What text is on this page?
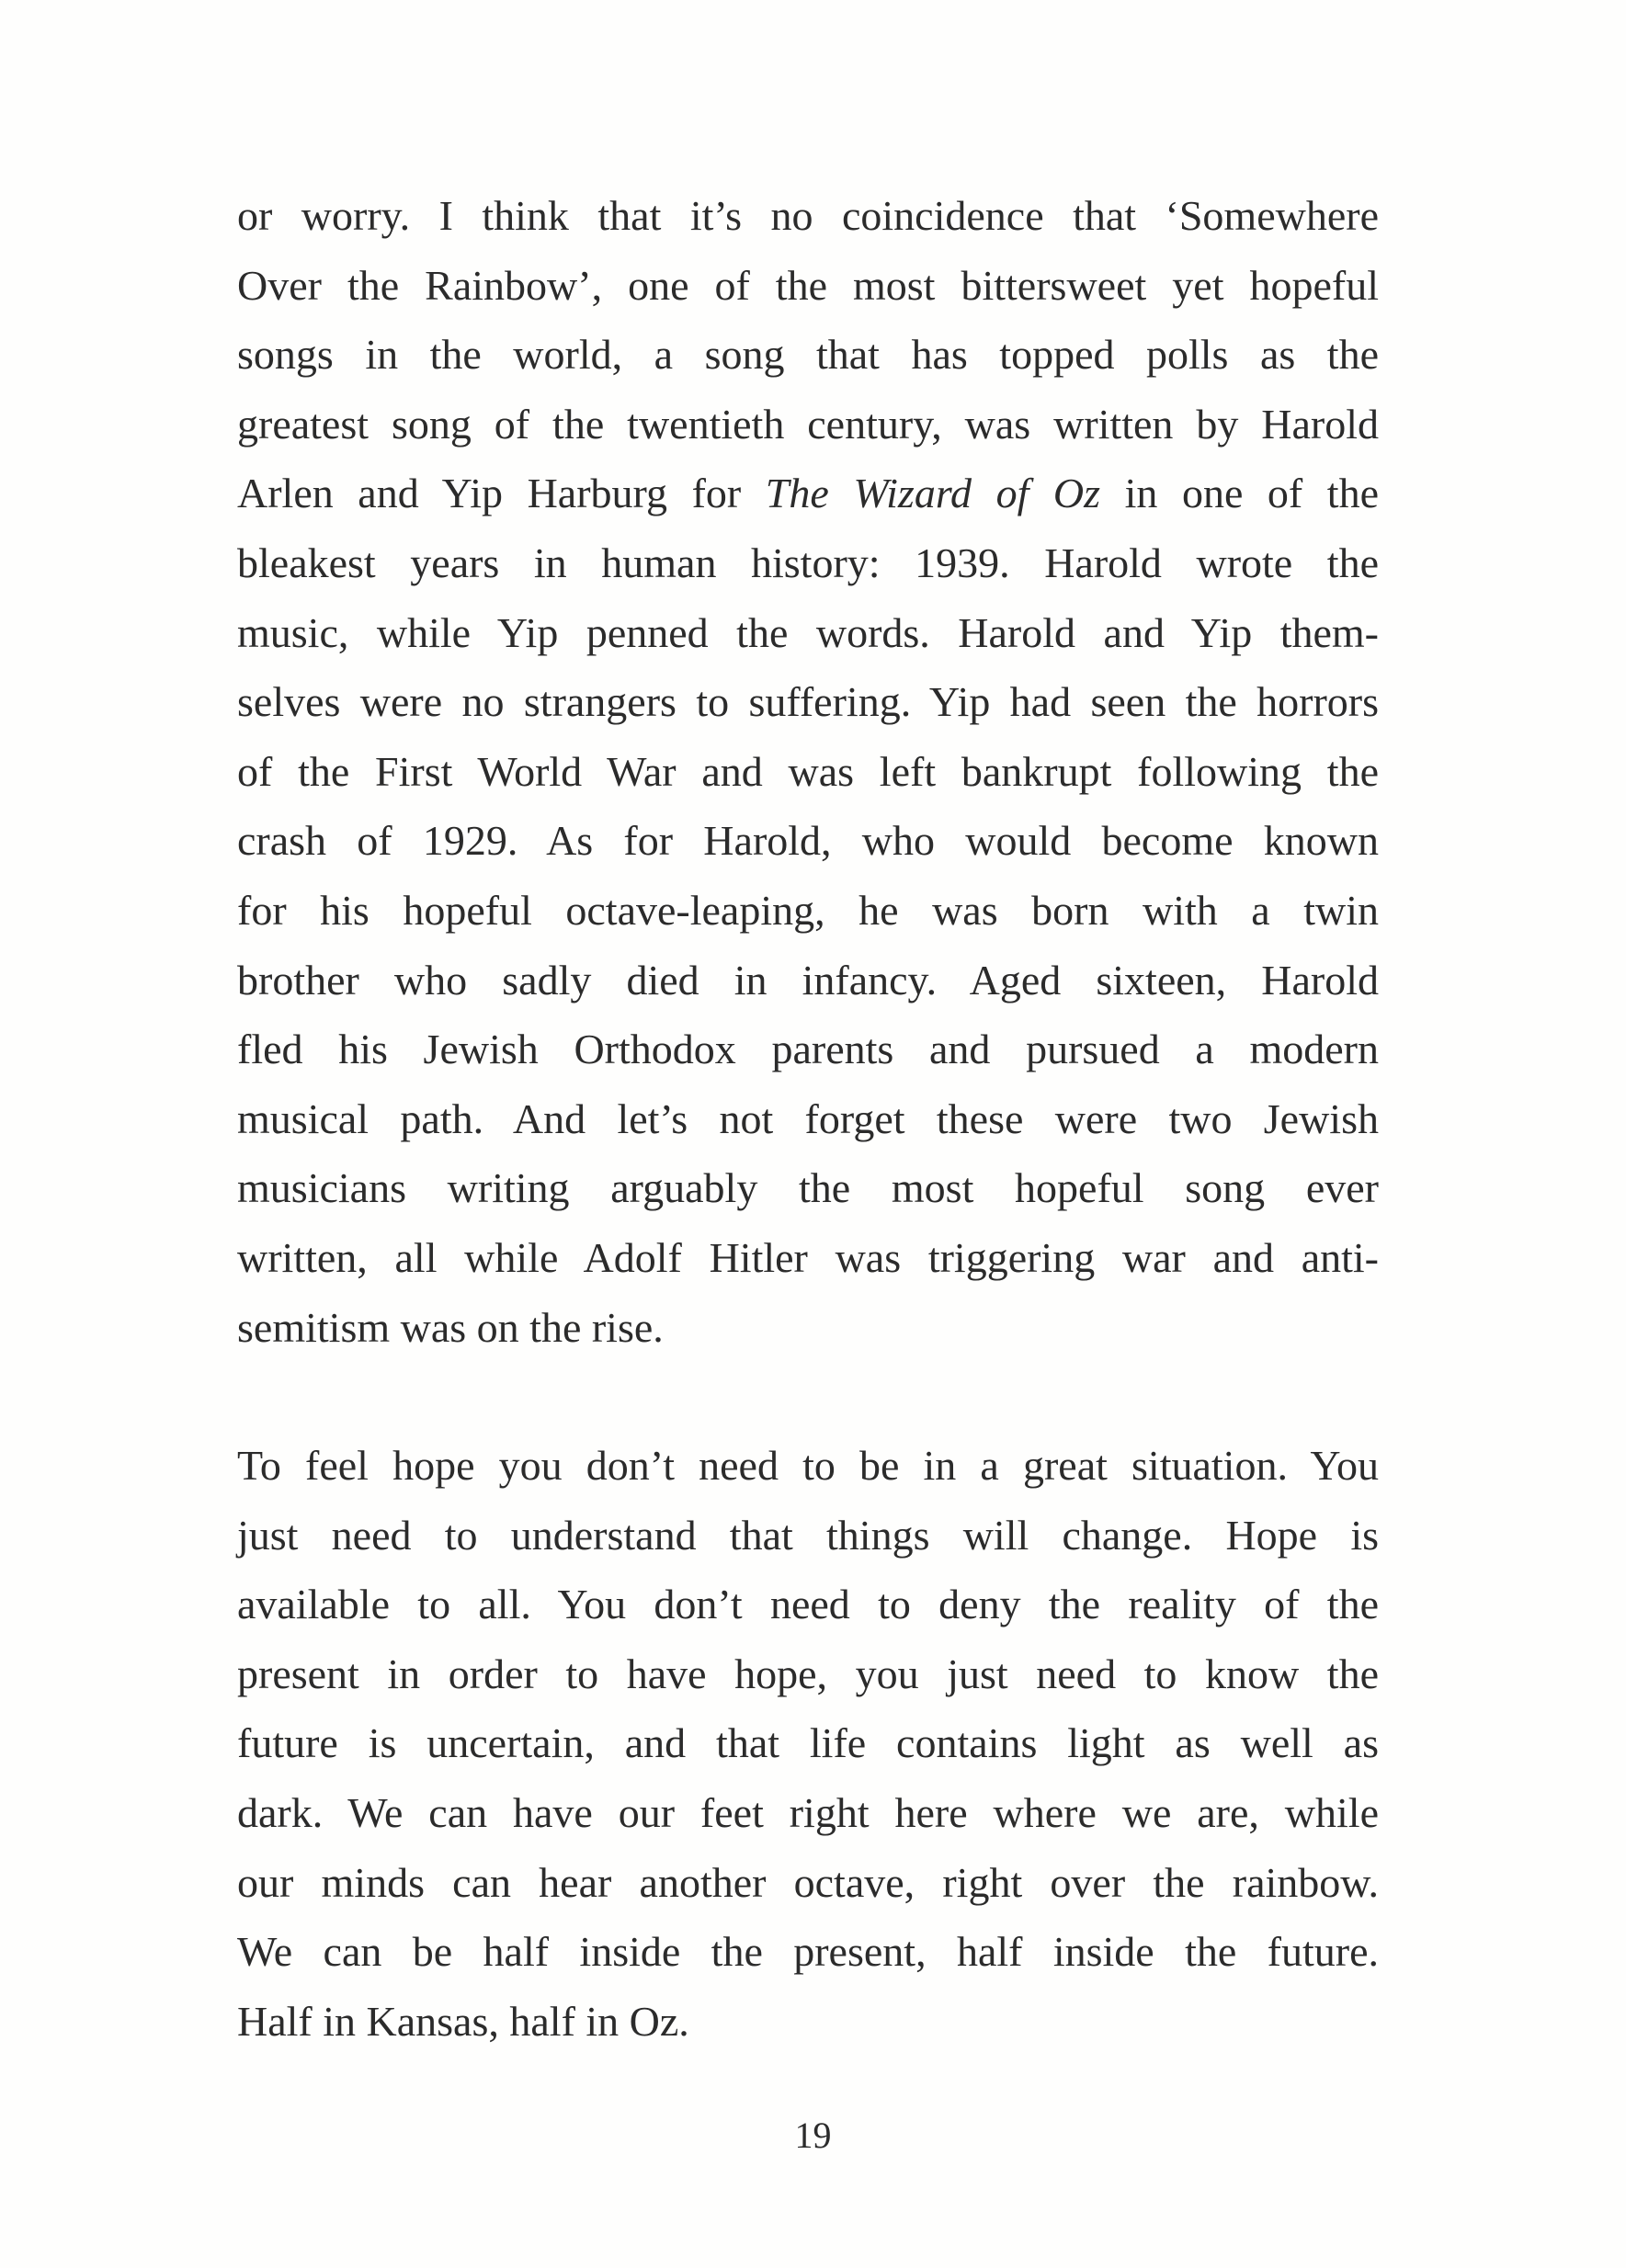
or worry. I think that it’s no coincidence that ‘Somewhere
Over the Rainbow’, one of the most bittersweet yet hopeful
songs in the world, a song that has topped polls as the
greatest song of the twentieth century, was written by Harold
Arlen and Yip Harburg for The Wizard of Oz in one of the
bleakest years in human history: 1939. Harold wrote the
music, while Yip penned the words. Harold and Yip them-
selves were no strangers to suffering. Yip had seen the horrors
of the First World War and was left bankrupt following the
crash of 1929. As for Harold, who would become known
for his hopeful octave-leaping, he was born with a twin
brother who sadly died in infancy. Aged sixteen, Harold
fled his Jewish Orthodox parents and pursued a modern
musical path. And let’s not forget these were two Jewish
musicians writing arguably the most hopeful song ever
written, all while Adolf Hitler was triggering war and anti-
semitism was on the rise.
To feel hope you don’t need to be in a great situation. You
just need to understand that things will change. Hope is
available to all. You don’t need to deny the reality of the
present in order to have hope, you just need to know the
future is uncertain, and that life contains light as well as
dark. We can have our feet right here where we are, while
our minds can hear another octave, right over the rainbow.
We can be half inside the present, half inside the future.
Half in Kansas, half in Oz.
19
